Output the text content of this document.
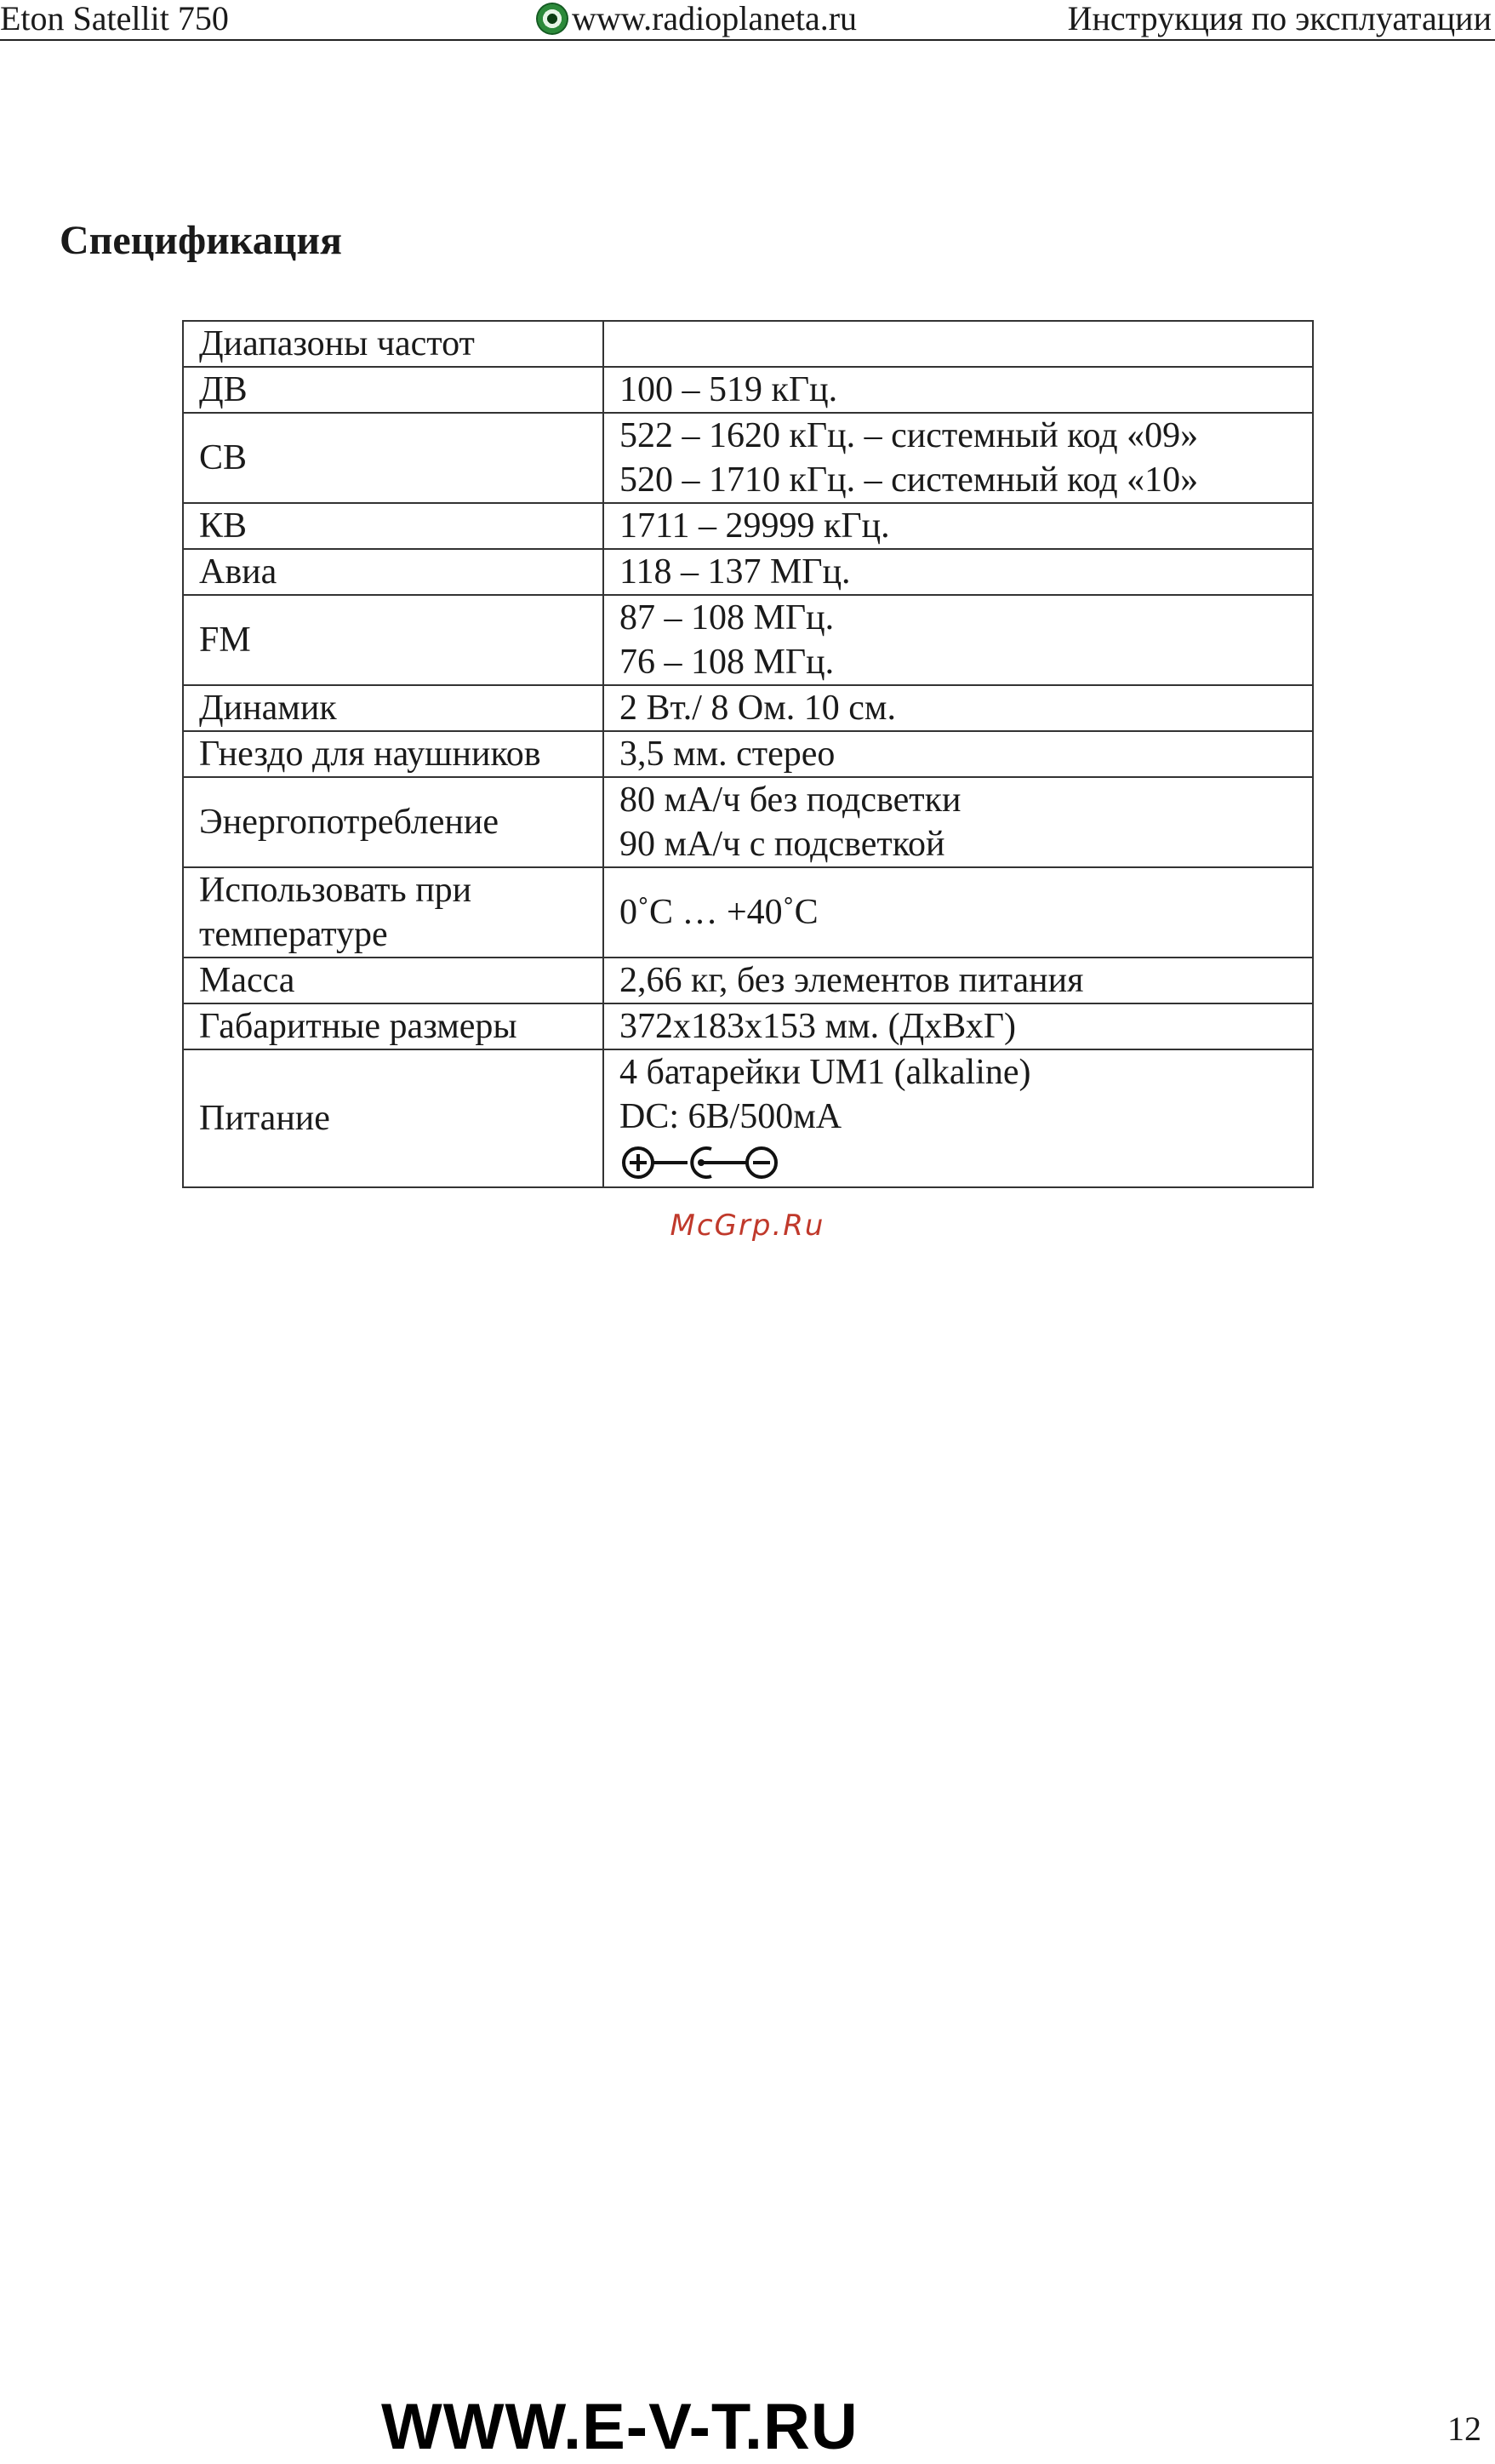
Eton Satellit 750	www.radioplaneta.ru	Инструкция по эксплуатации
Спецификация
Диапазоны частот	

ДВ	100 – 519 кГц.

СВ	522 – 1620 кГц. – системный код «09»
520 – 1710 кГц. – системный код «10»

КВ	1711 – 29999 кГц.

Авиа	118 – 137 МГц.

FM	87 – 108 МГц.
76 – 108 МГц.

Динамик	2 Вт./ 8 Ом. 10 см.

Гнездо для наушников	3,5 мм. стерео

Энергопотребление	80 мА/ч без подсветки
90 мА/ч с подсветкой

Использовать при температуре	0˚C … +40˚C

Масса	2,66 кг, без элементов питания

Габаритные размеры	372х183х153 мм. (ДхВхГ)

Питание	4 батарейки UM1 (alkaline)
DC: 6В/500мА
McGrp.Ru
WWW.E-V-T.RU	12
